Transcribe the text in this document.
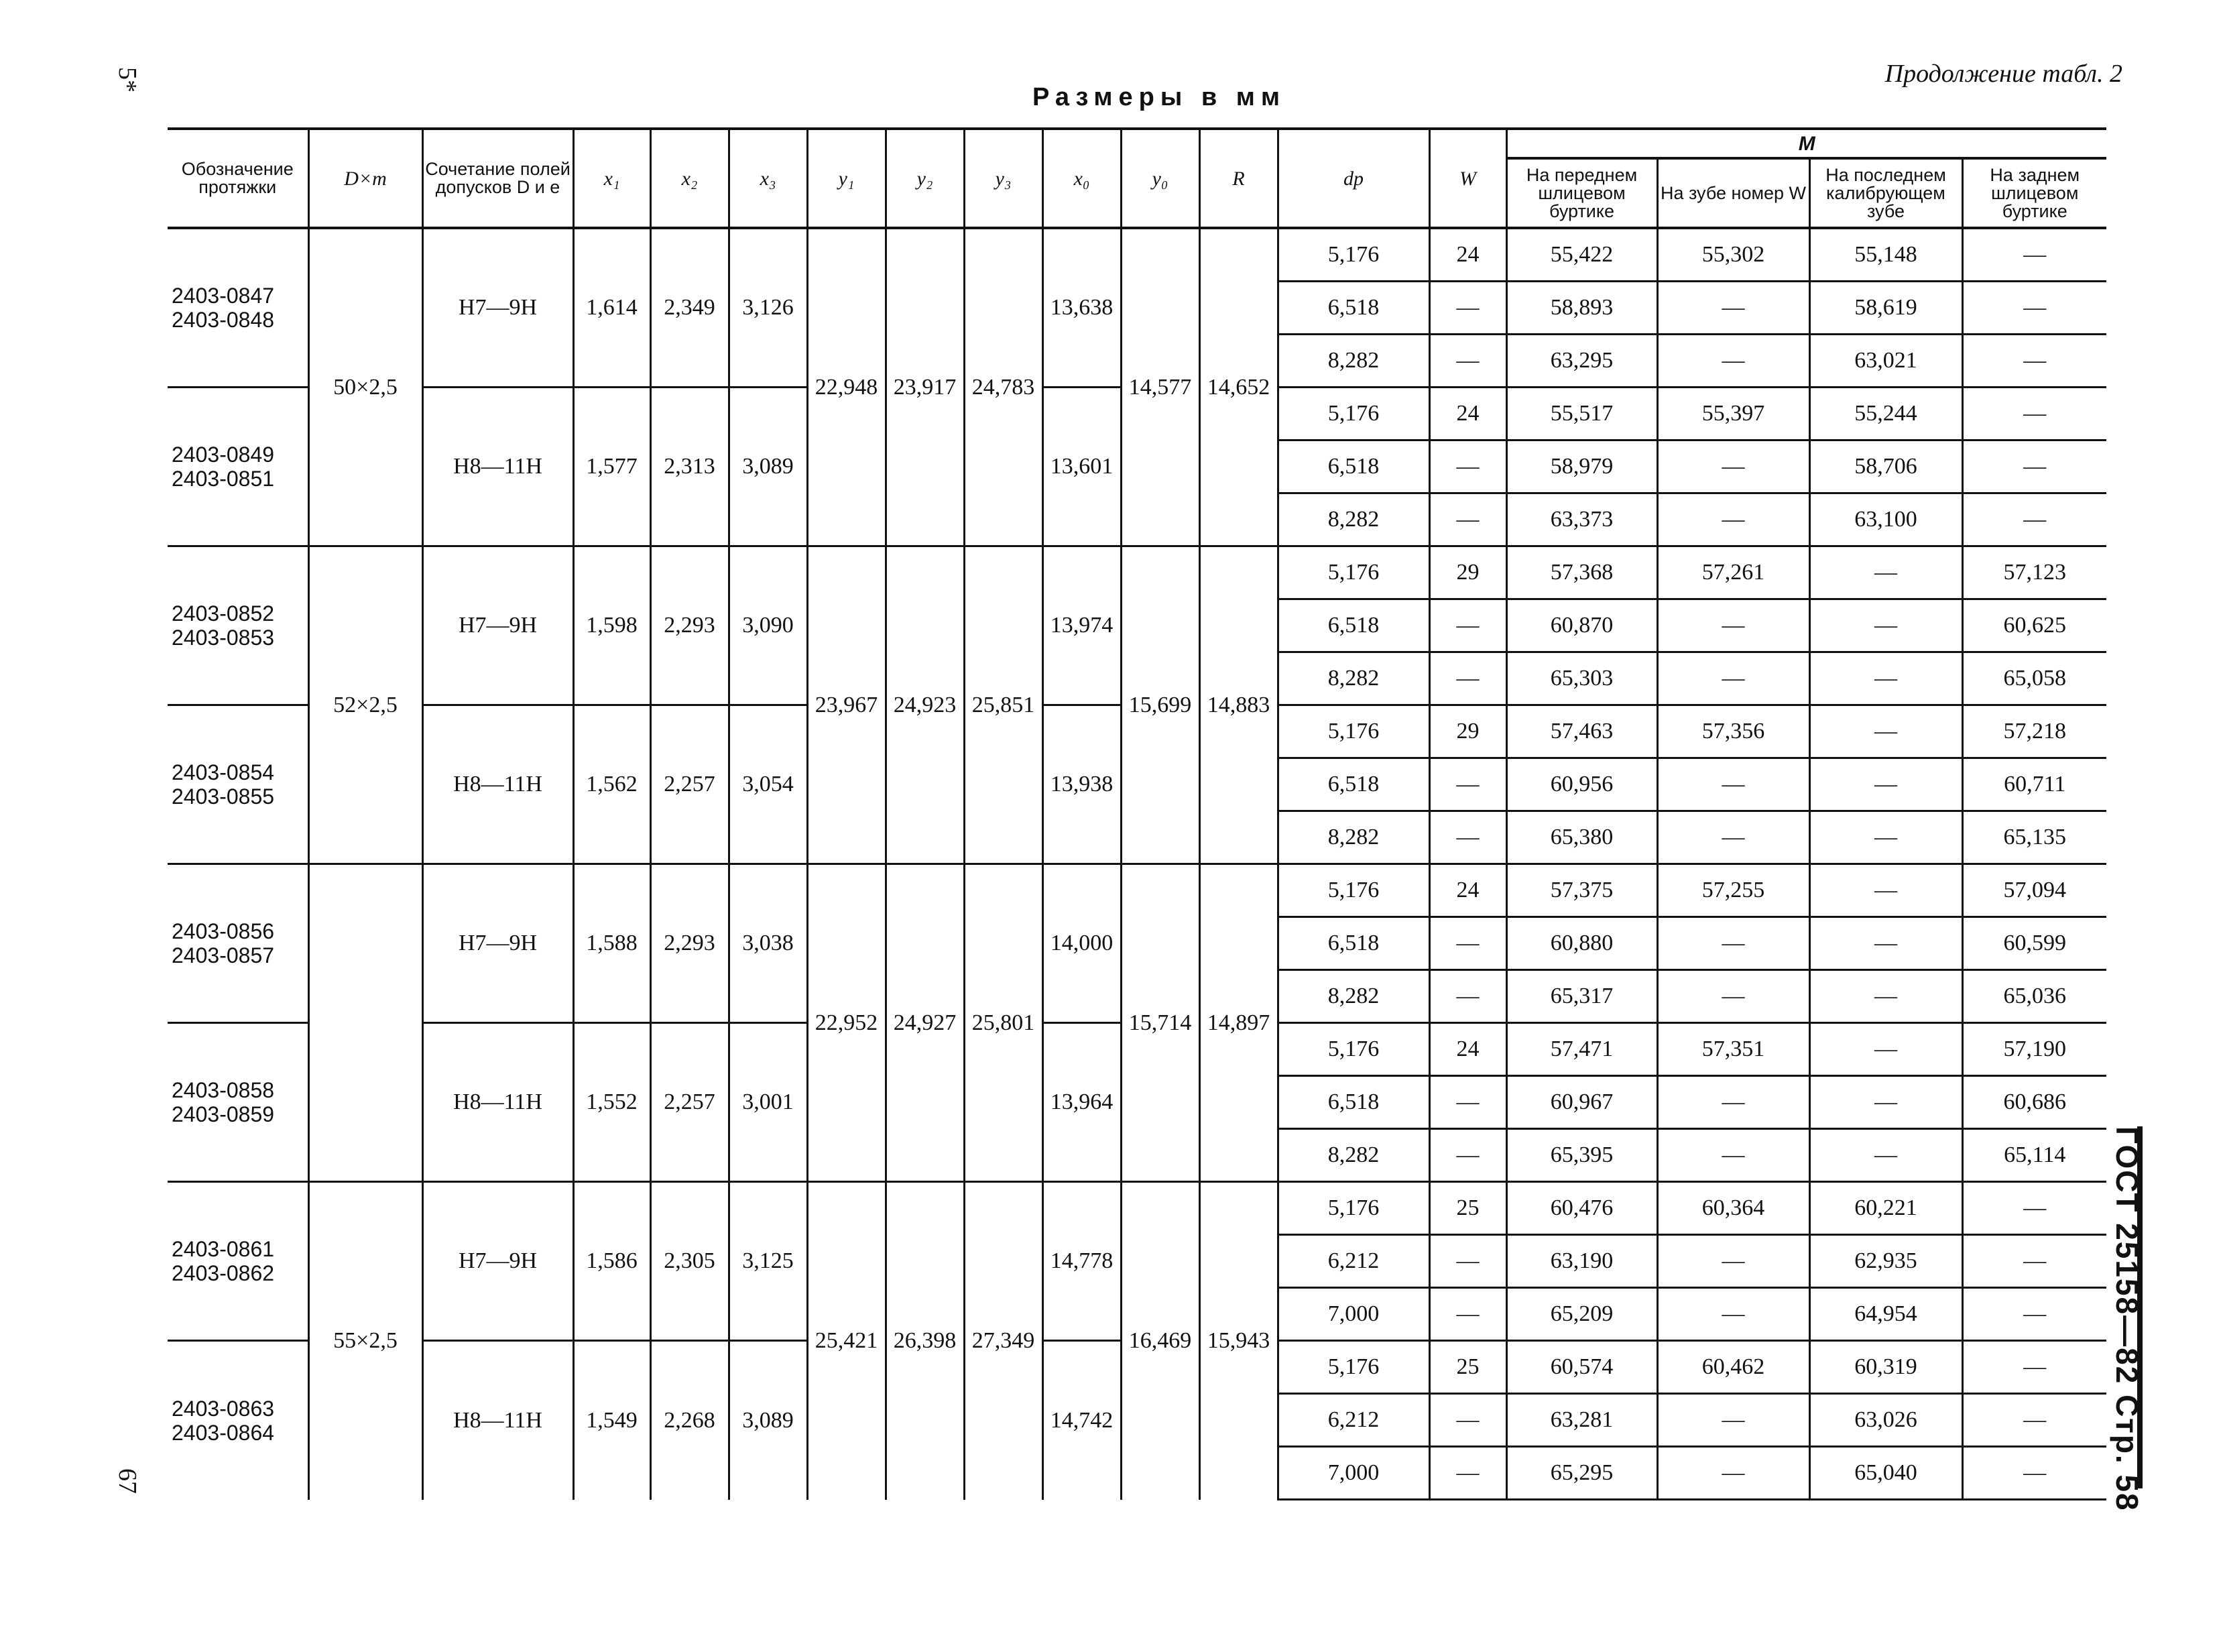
5*
67
Продолжение табл. 2
Размеры в мм
ГОСТ 25158—82 Стр. 58
Обозначение протяжки	D×m	Сочетание полей допусков D и e	x₁	x₂	x₃	y₁	y₂	y₃	x₀	y₀	R	dp	W	M			
														На переднем шлицевом буртике	На зубе номер W	На последнем калибрующем зубе	На заднем шлицевом буртике

2403-0847
2403-0848	50×2,5	H7—9H	1,614	2,349	3,126	22,948	23,917	24,783	13,638	14,577	14,652	5,176	24	55,422	55,302	55,148	—
												6,518	—	58,893	—	58,619	—
												8,282	—	63,295	—	63,021	—

2403-0849
2403-0851		H8—11H	1,577	2,313	3,089				13,601			5,176	24	55,517	55,397	55,244	—
												6,518	—	58,979	—	58,706	—
												8,282	—	63,373	—	63,100	—

2403-0852
2403-0853	52×2,5	H7—9H	1,598	2,293	3,090	23,967	24,923	25,851	13,974	15,699	14,883	5,176	29	57,368	57,261	—	57,123
												6,518	—	60,870	—	—	60,625
												8,282	—	65,303	—	—	65,058

2403-0854
2403-0855		H8—11H	1,562	2,257	3,054				13,938			5,176	29	57,463	57,356	—	57,218
												6,518	—	60,956	—	—	60,711
												8,282	—	65,380	—	—	65,135

2403-0856
2403-0857		H7—9H	1,588	2,293	3,038	22,952	24,927	25,801	14,000	15,714	14,897	5,176	24	57,375	57,255	—	57,094
												6,518	—	60,880	—	—	60,599
												8,282	—	65,317	—	—	65,036

2403-0858
2403-0859		H8—11H	1,552	2,257	3,001				13,964			5,176	24	57,471	57,351	—	57,190
												6,518	—	60,967	—	—	60,686
												8,282	—	65,395	—	—	65,114

2403-0861
2403-0862	55×2,5	H7—9H	1,586	2,305	3,125	25,421	26,398	27,349	14,778	16,469	15,943	5,176	25	60,476	60,364	60,221	—
												6,212	—	63,190	—	62,935	—
												7,000	—	65,209	—	64,954	—

2403-0863
2403-0864		H8—11H	1,549	2,268	3,089				14,742			5,176	25	60,574	60,462	60,319	—
												6,212	—	63,281	—	63,026	—
												7,000	—	65,295	—	65,040	—
